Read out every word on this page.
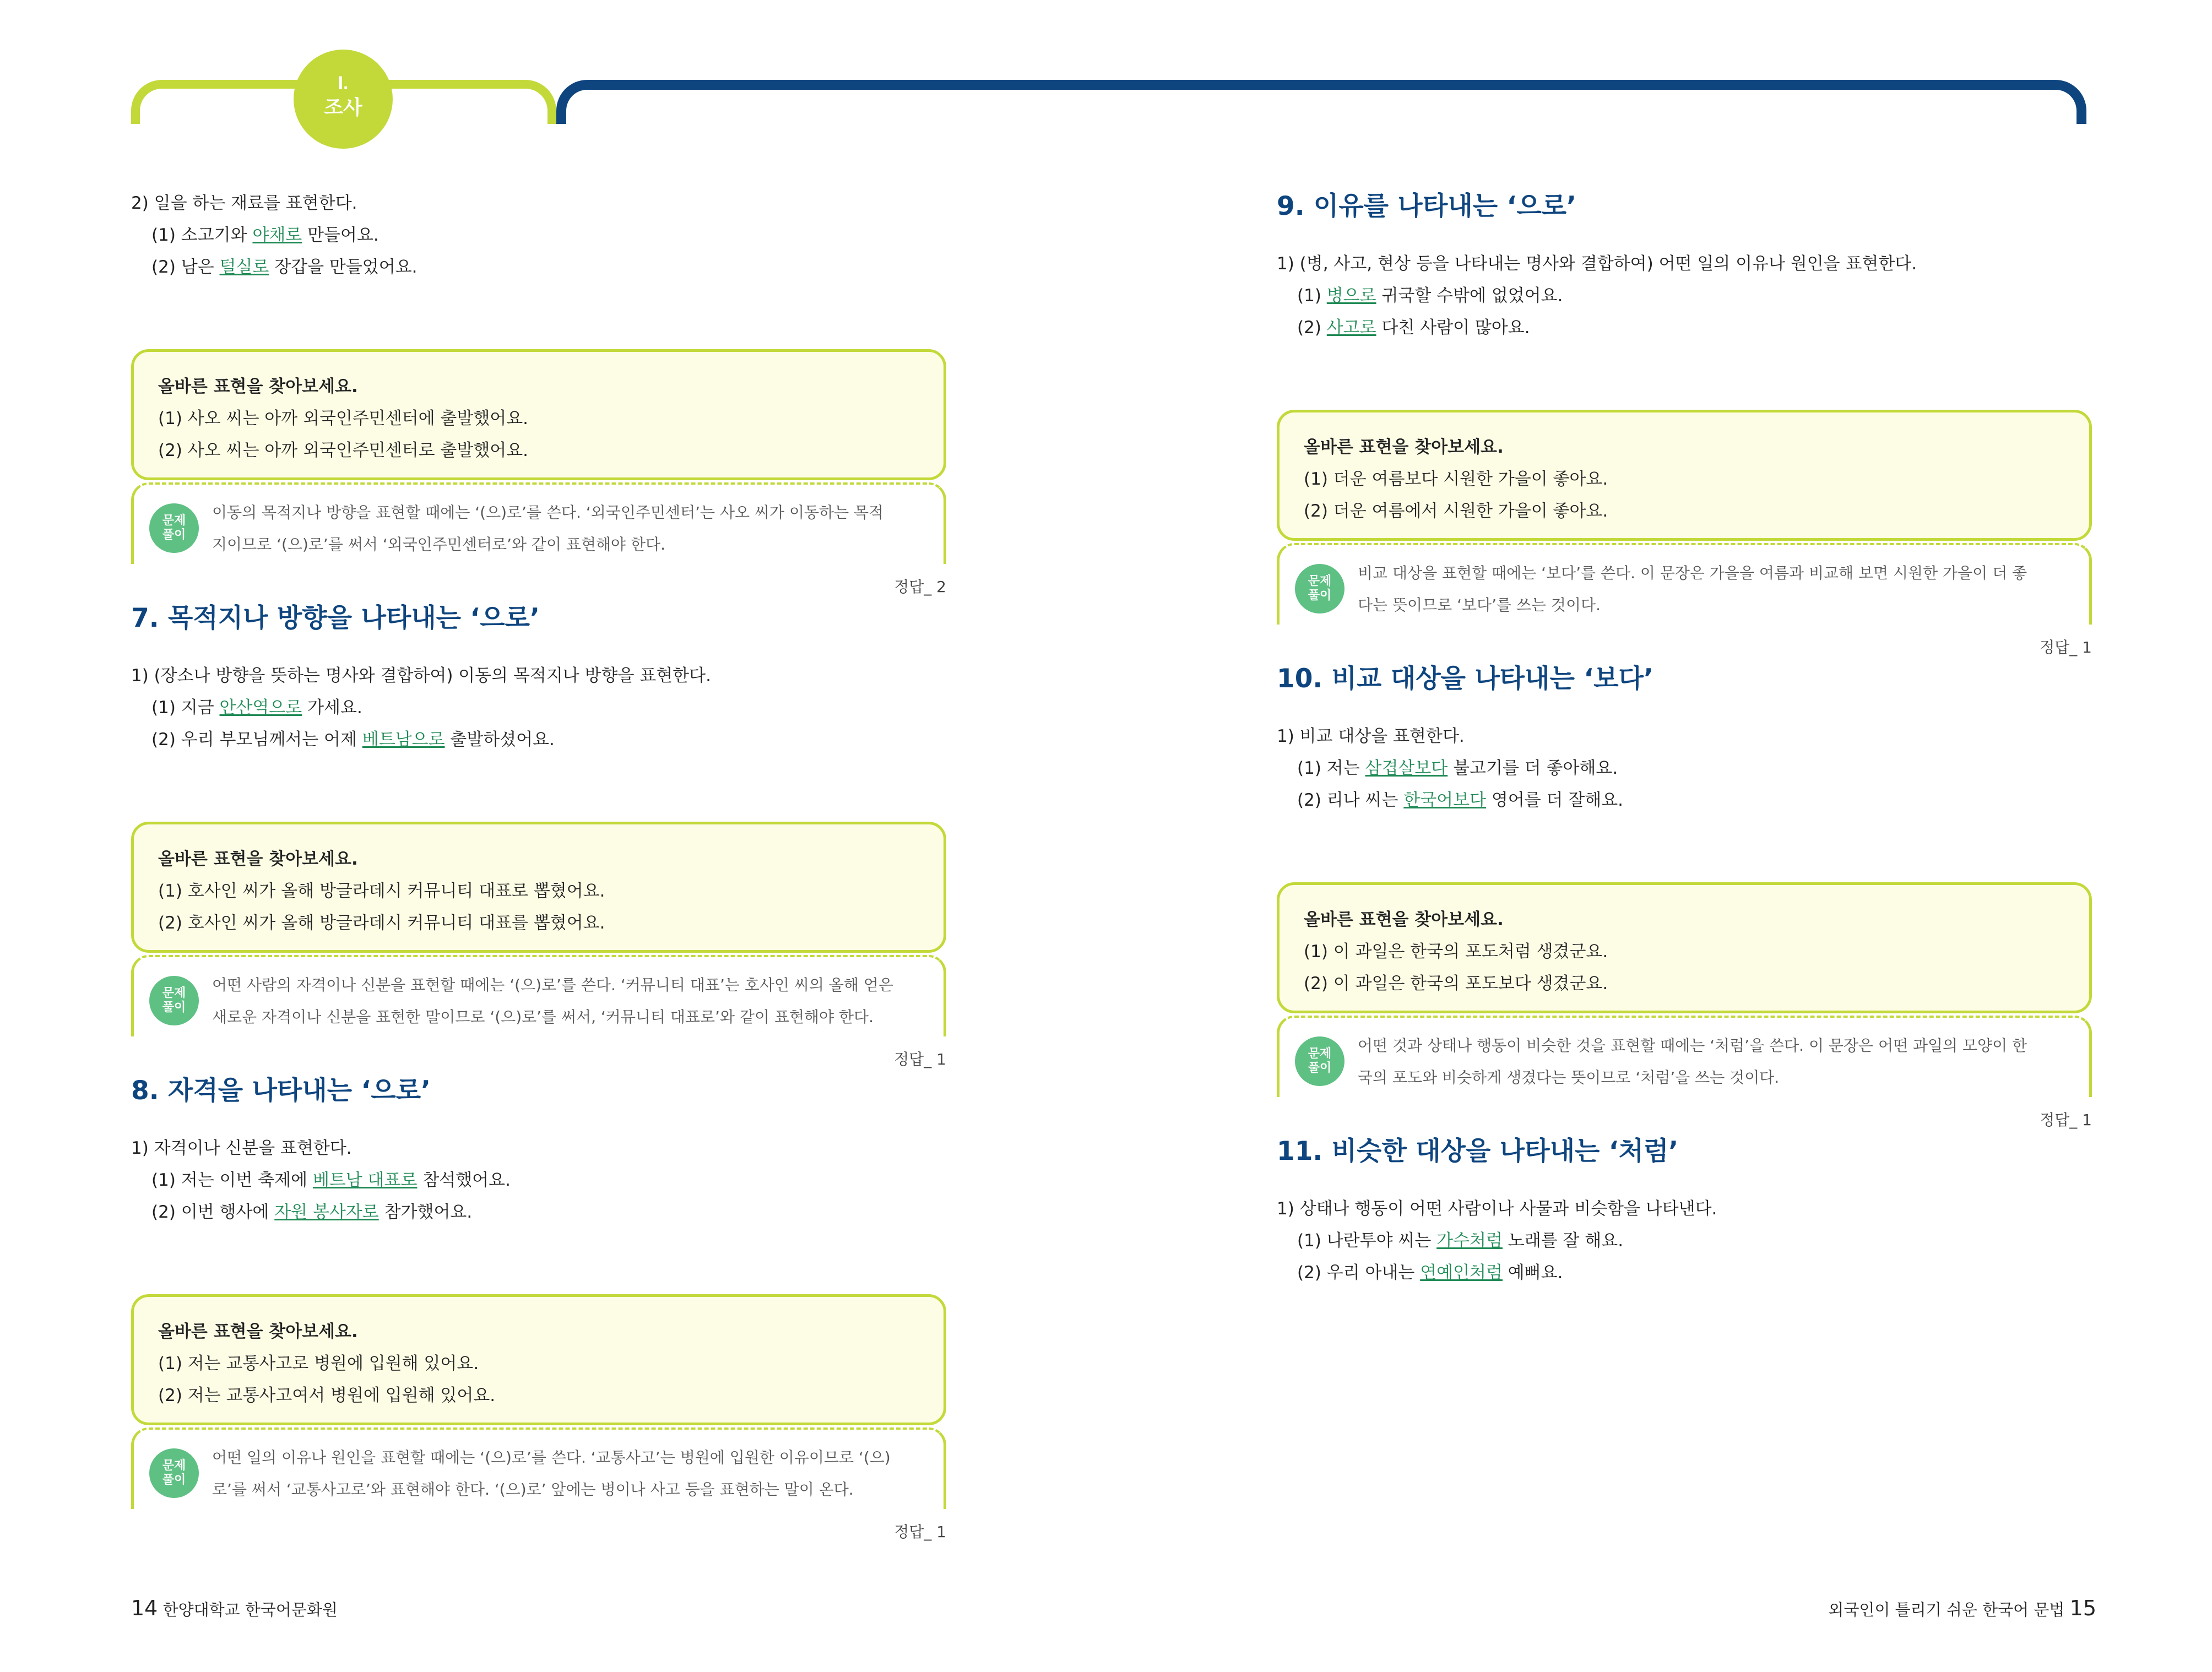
I.
조사

2) 일을 하는 재료를 표현한다.

(1) 소고기와 야채로 만들어요.

(2) 남은 털실로 장갑을 만들었어요.

올바른 표현을 찾아보세요.

(1) 사오 씨는 아까 외국인주민센터에 출발했어요.

(2) 사오 씨는 아까 외국인주민센터로 출발했어요.

문제
풀이

이동의 목적지나 방향을 표현할 때에는 ‘(으)로’를 쓴다. ‘외국인주민센터’는 사오 씨가 이동하는 목적

지이므로 ‘(으)로’를 써서 ‘외국인주민센터로’와 같이 표현해야 한다.

정답_ 2

7. 목적지나 방향을 나타내는 ‘으로’

1) (장소나 방향을 뜻하는 명사와 결합하여) 이동의 목적지나 방향을 표현한다.

(1) 지금 안산역으로 가세요.

(2) 우리 부모님께서는 어제 베트남으로 출발하셨어요.

올바른 표현을 찾아보세요.

(1) 호사인 씨가 올해 방글라데시 커뮤니티 대표로 뽑혔어요.

(2) 호사인 씨가 올해 방글라데시 커뮤니티 대표를 뽑혔어요.

문제
풀이

어떤 사람의 자격이나 신분을 표현할 때에는 ‘(으)로’를 쓴다. ‘커뮤니티 대표’는 호사인 씨의 올해 얻은

새로운 자격이나 신분을 표현한 말이므로 ‘(으)로’를 써서, ‘커뮤니티 대표로’와 같이 표현해야 한다.

정답_ 1

8. 자격을 나타내는 ‘으로’

1) 자격이나 신분을 표현한다.

(1) 저는 이번 축제에 베트남 대표로 참석했어요.

(2) 이번 행사에 자원 봉사자로 참가했어요.

올바른 표현을 찾아보세요.

(1) 저는 교통사고로 병원에 입원해 있어요.

(2) 저는 교통사고여서 병원에 입원해 있어요.

문제
풀이

어떤 일의 이유나 원인을 표현할 때에는 ‘(으)로’를 쓴다. ‘교통사고’는 병원에 입원한 이유이므로 ‘(으)

로’를 써서 ‘교통사고로’와 표현해야 한다. ‘(으)로’ 앞에는 병이나 사고 등을 표현하는 말이 온다.

정답_ 1

9. 이유를 나타내는 ‘으로’

1) (병, 사고, 현상 등을 나타내는 명사와 결합하여) 어떤 일의 이유나 원인을 표현한다.

(1) 병으로 귀국할 수밖에 없었어요.

(2) 사고로 다친 사람이 많아요.

올바른 표현을 찾아보세요.

(1) 더운 여름보다 시원한 가을이 좋아요.

(2) 더운 여름에서 시원한 가을이 좋아요.

문제
풀이

비교 대상을 표현할 때에는 ‘보다’를 쓴다. 이 문장은 가을을 여름과 비교해 보면 시원한 가을이 더 좋

다는 뜻이므로 ‘보다’를 쓰는 것이다.

정답_ 1

10. 비교 대상을 나타내는 ‘보다’

1) 비교 대상을 표현한다.

(1) 저는 삼겹살보다 불고기를 더 좋아해요.

(2) 리나 씨는 한국어보다 영어를 더 잘해요.

올바른 표현을 찾아보세요.

(1) 이 과일은 한국의 포도처럼 생겼군요.

(2) 이 과일은 한국의 포도보다 생겼군요.

문제
풀이

어떤 것과 상태나 행동이 비슷한 것을 표현할 때에는 ‘처럼’을 쓴다. 이 문장은 어떤 과일의 모양이 한

국의 포도와 비슷하게 생겼다는 뜻이므로 ‘처럼’을 쓰는 것이다.

정답_ 1

11. 비슷한 대상을 나타내는 ‘처럼’

1) 상태나 행동이 어떤 사람이나 사물과 비슷함을 나타낸다.

(1) 나란투야 씨는 가수처럼 노래를 잘 해요.

(2) 우리 아내는 연예인처럼 예뻐요.

14 한양대학교 한국어문화원	외국인이 틀리기 쉬운 한국어 문법 15
